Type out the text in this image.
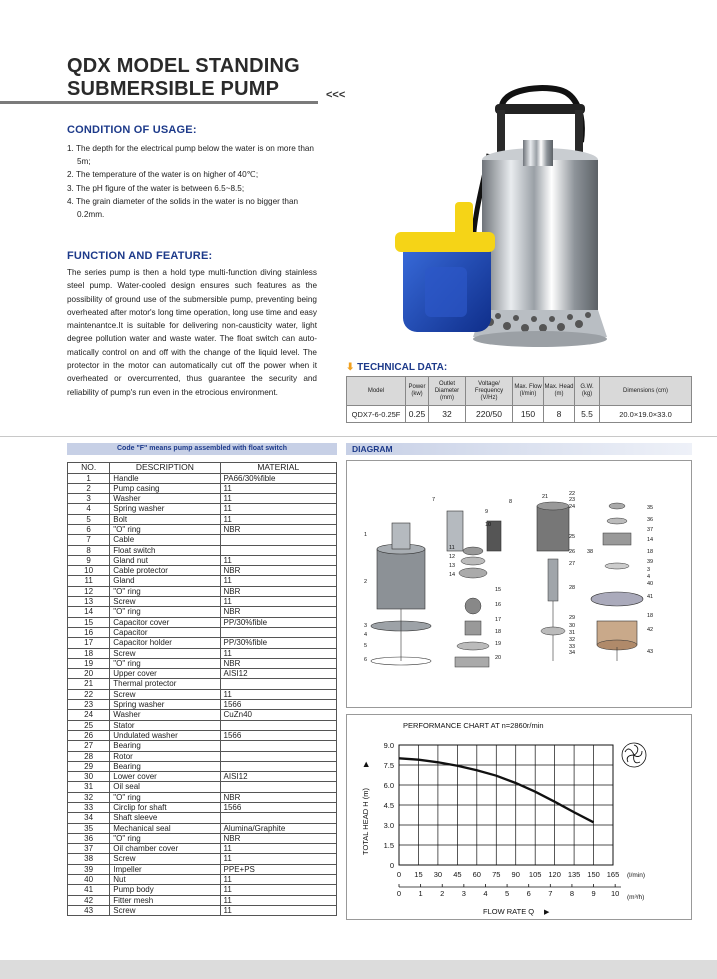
QDX MODEL STANDING
SUBMERSIBLE PUMP	<<<
CONDITION OF USAGE:
1. The depth for the electrical pump below the water is on more than 5m;
2. The temperature of the water is on higher of 40℃;
3. The pH figure of the water is between 6.5~8.5;
4. The grain diameter of the solids in the water is no bigger than 0.2mm.
FUNCTION AND FEATURE:

The series pump is then a hold type multi-function diving stainless steel pump. Water-cooled design ensures such features as the possibility of ground use of the submersible pump, preventing being overheated after motor's long time operation, long use time and easy maintenantce.It is suitable for delivering non-causticity water, light degree pollution water and waste water. The float switch can auto-matically control on and off with the change of the liquid level. The protector in the motor can automatically cut off the power when it overheated or overcurrented, thus guarantee the security and reliability of pump's run even in the etrocious environment.

⬇ TECHNICAL DATA:
Model	Power (kw)	Outlet Diameter (mm)	Voltage/ Frequency (V/Hz)	Max. Flow (l/min)	Max. Head (m)	G.W. (kg)	Dimensions (cm)
QDX7-6-0.25F	0.25	32	220/50	150	8	5.5	20.0×19.0×33.0
Code "F" means pump assembled with float switch
NO.	DESCRIPTION	MATERIAL
1	Handle	PA66/30%fible
2	Pump casing	11
3	Washer	11
4	Spring washer	11
5	Bolt	11
6	"O" ring	NBR
7	Cable	
8	Float switch	
9	Gland nut	11
10	Cable protector	NBR
11	Gland	11
12	"O" ring	NBR
13	Screw	11
14	"O" ring	NBR
15	Capacitor cover	PP/30%fible
16	Capacitor	
17	Capacitor holder	PP/30%fible
18	Screw	11
19	"O" ring	NBR
20	Upper cover	AISI12
21	Thermal protector	
22	Screw	11
23	Spring washer	1566
24	Washer	CuZn40
25	Stator	
26	Undulated washer	1566
27	Bearing	
28	Rotor	
29	Bearing	
30	Lower cover	AISI12
31	Oil seal	
32	"O" ring	NBR
33	Circlip for shaft	1566
34	Shaft sleeve	
35	Mechanical seal	Alumina/Graphite
36	"O" ring	NBR
37	Oil chamber cover	11
38	Screw	11
39	Impeller	PPE+PS
40	Nut	11
41	Pump body	11
42	Fitter mesh	11
43	Screw	11
DIAGRAM
1
2
3
4
5
6
7	8
9
10
11
12
13
14
15
16
17
18
19
20
21	22
23
24
25
26
27
28
29
30
31
32
33
34
35
36
37
14
18
39
3
4
40
41
18
42
43
38
PERFORMANCE CHART AT n=2860r/min
0
1.5
3.0
4.5
6.0
7.5
9.0
0 15 30 45 60 75 90 105 120 135 150 165
0 1 2 3 4 5 6 7 8 9 10
(l/min)
(m³/h)
FLOW RATE Q ▶
TOTAL HEAD H (m)
▶
